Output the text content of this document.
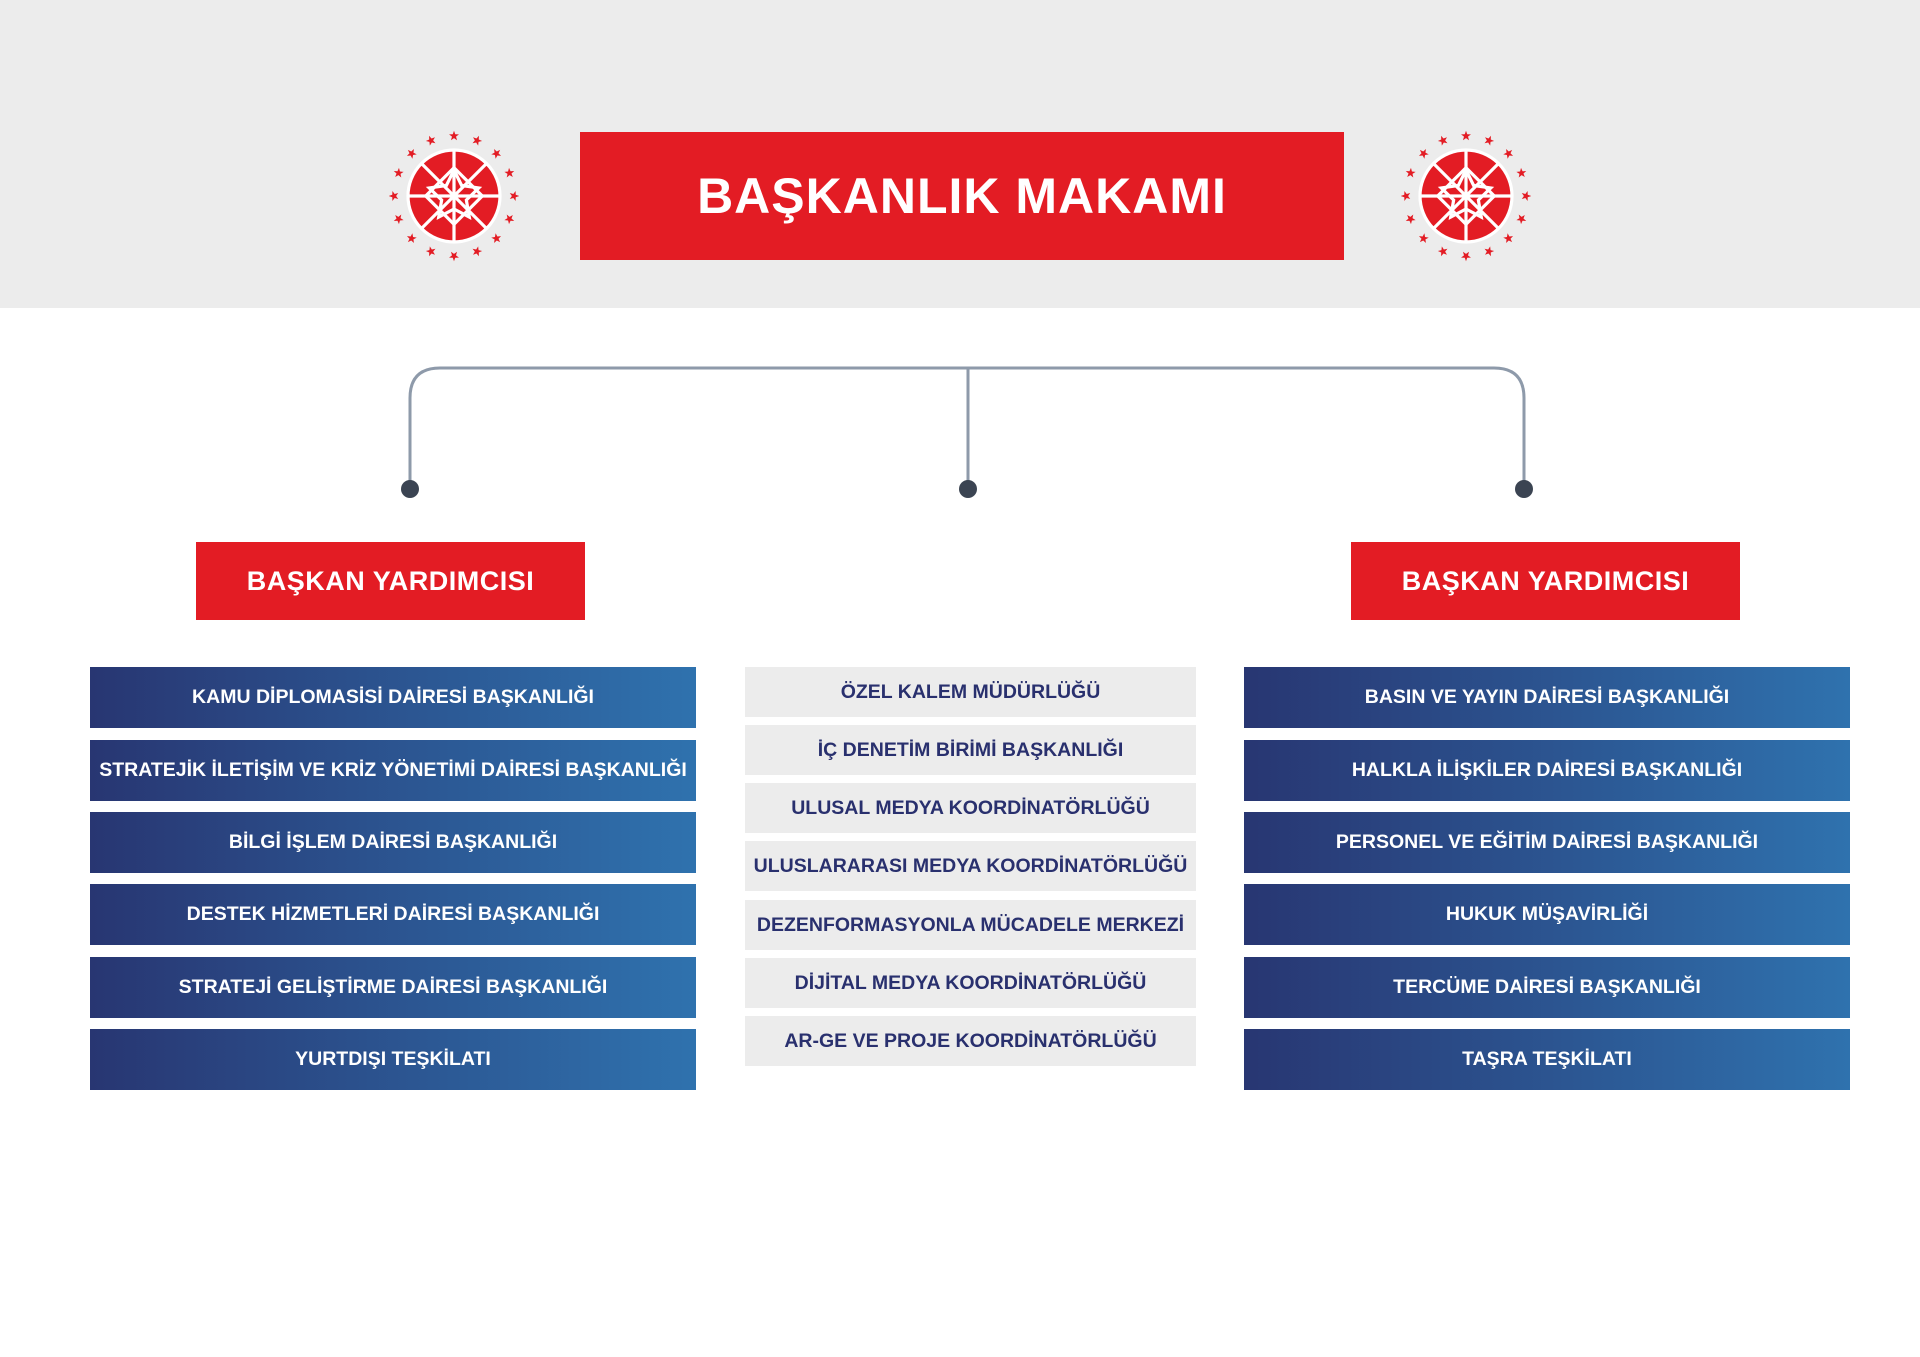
BAŞKANLIK MAKAMI
BAŞKAN YARDIMCISI	BAŞKAN YARDIMCISI
KAMU DİPLOMASİSİ DAİRESİ BAŞKANLIĞI
STRATEJİK İLETİŞİM VE KRİZ YÖNETİMİ DAİRESİ BAŞKANLIĞI
BİLGİ İŞLEM DAİRESİ BAŞKANLIĞI
DESTEK HİZMETLERİ DAİRESİ BAŞKANLIĞI
STRATEJİ GELİŞTİRME DAİRESİ BAŞKANLIĞI
YURTDIŞI TEŞKİLATI
ÖZEL KALEM MÜDÜRLÜĞÜ
İÇ DENETİM BİRİMİ BAŞKANLIĞI
ULUSAL MEDYA KOORDİNATÖRLÜĞÜ
ULUSLARARASI MEDYA KOORDİNATÖRLÜĞÜ
DEZENFORMASYONLA MÜCADELE MERKEZİ
DİJİTAL MEDYA KOORDİNATÖRLÜĞÜ
AR-GE VE PROJE KOORDİNATÖRLÜĞÜ
BASIN VE YAYIN DAİRESİ BAŞKANLIĞI
HALKLA İLİŞKİLER DAİRESİ BAŞKANLIĞI
PERSONEL VE EĞİTİM DAİRESİ BAŞKANLIĞI
HUKUK MÜŞAVİRLİĞİ
TERCÜME DAİRESİ BAŞKANLIĞI
TAŞRA TEŞKİLATI
